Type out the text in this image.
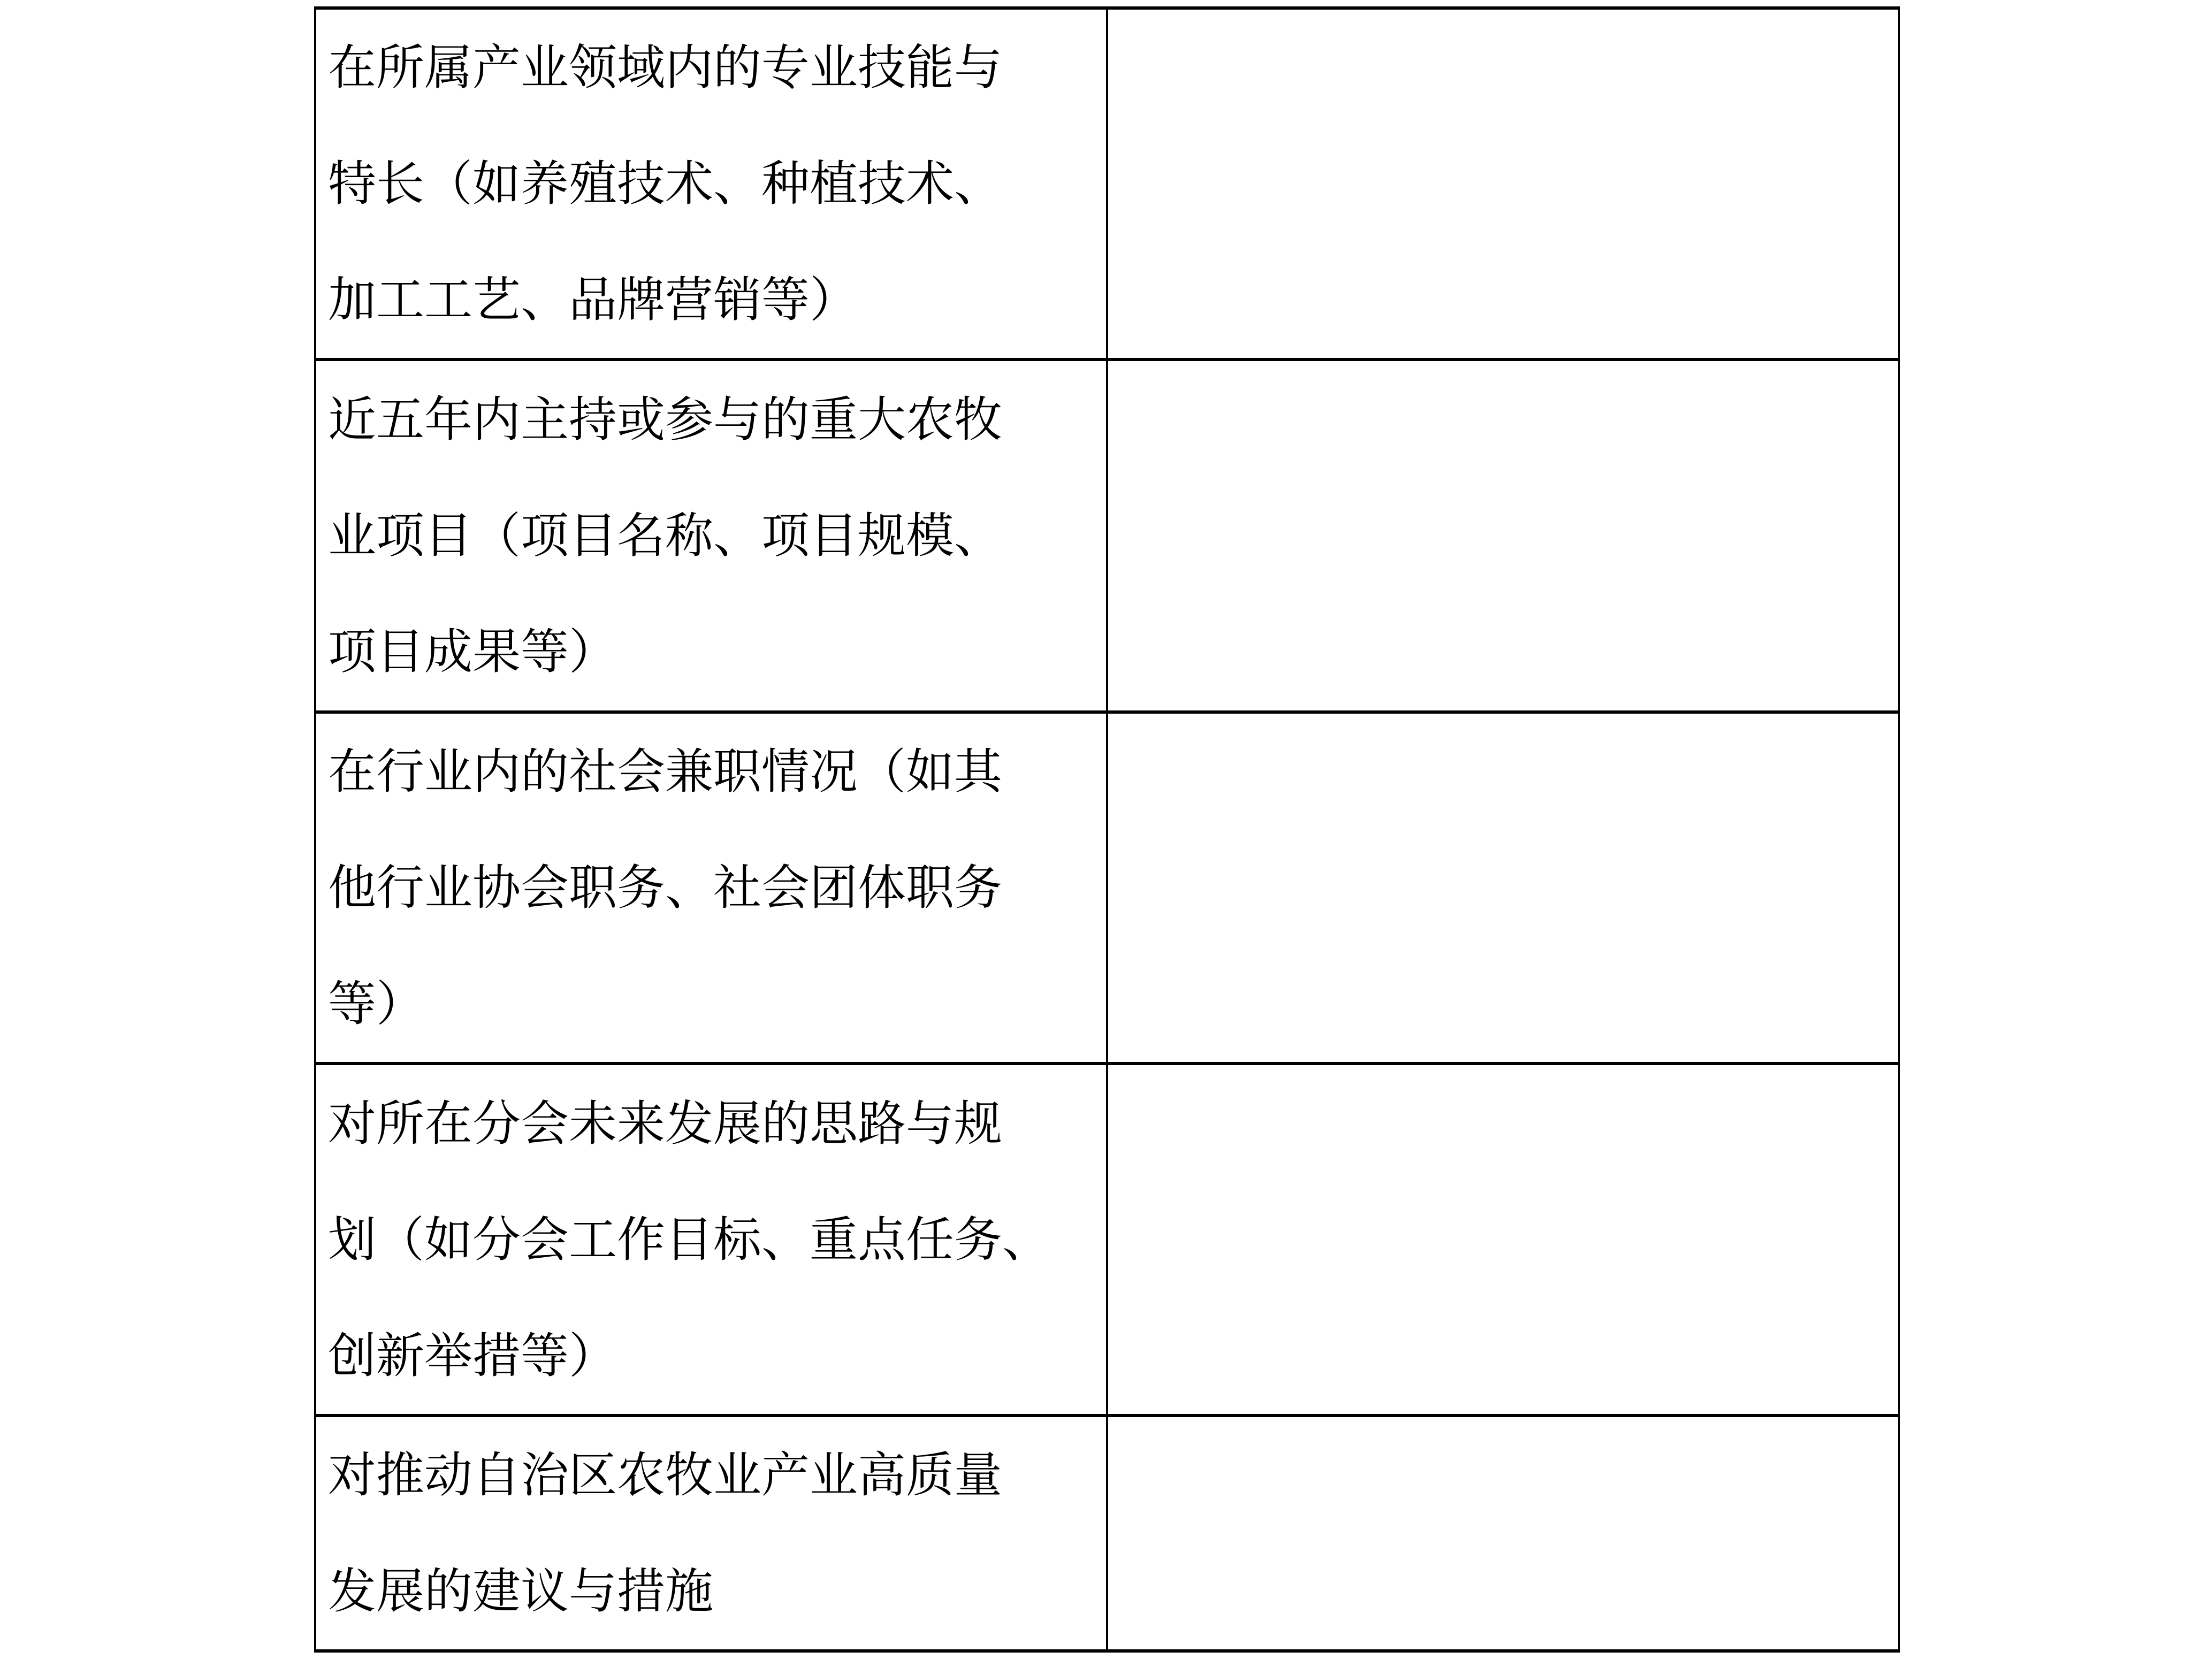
在所属产业领域内的专业技能与
特长（如养殖技术、种植技术、
加工工艺、品牌营销等）	

近五年内主持或参与的重大农牧
业项目（项目名称、项目规模、
项目成果等）	

在行业内的社会兼职情况（如其
他行业协会职务、社会团体职务
等）	

对所在分会未来发展的思路与规
划（如分会工作目标、重点任务、
创新举措等）	

对推动自治区农牧业产业高质量
发展的建议与措施	
